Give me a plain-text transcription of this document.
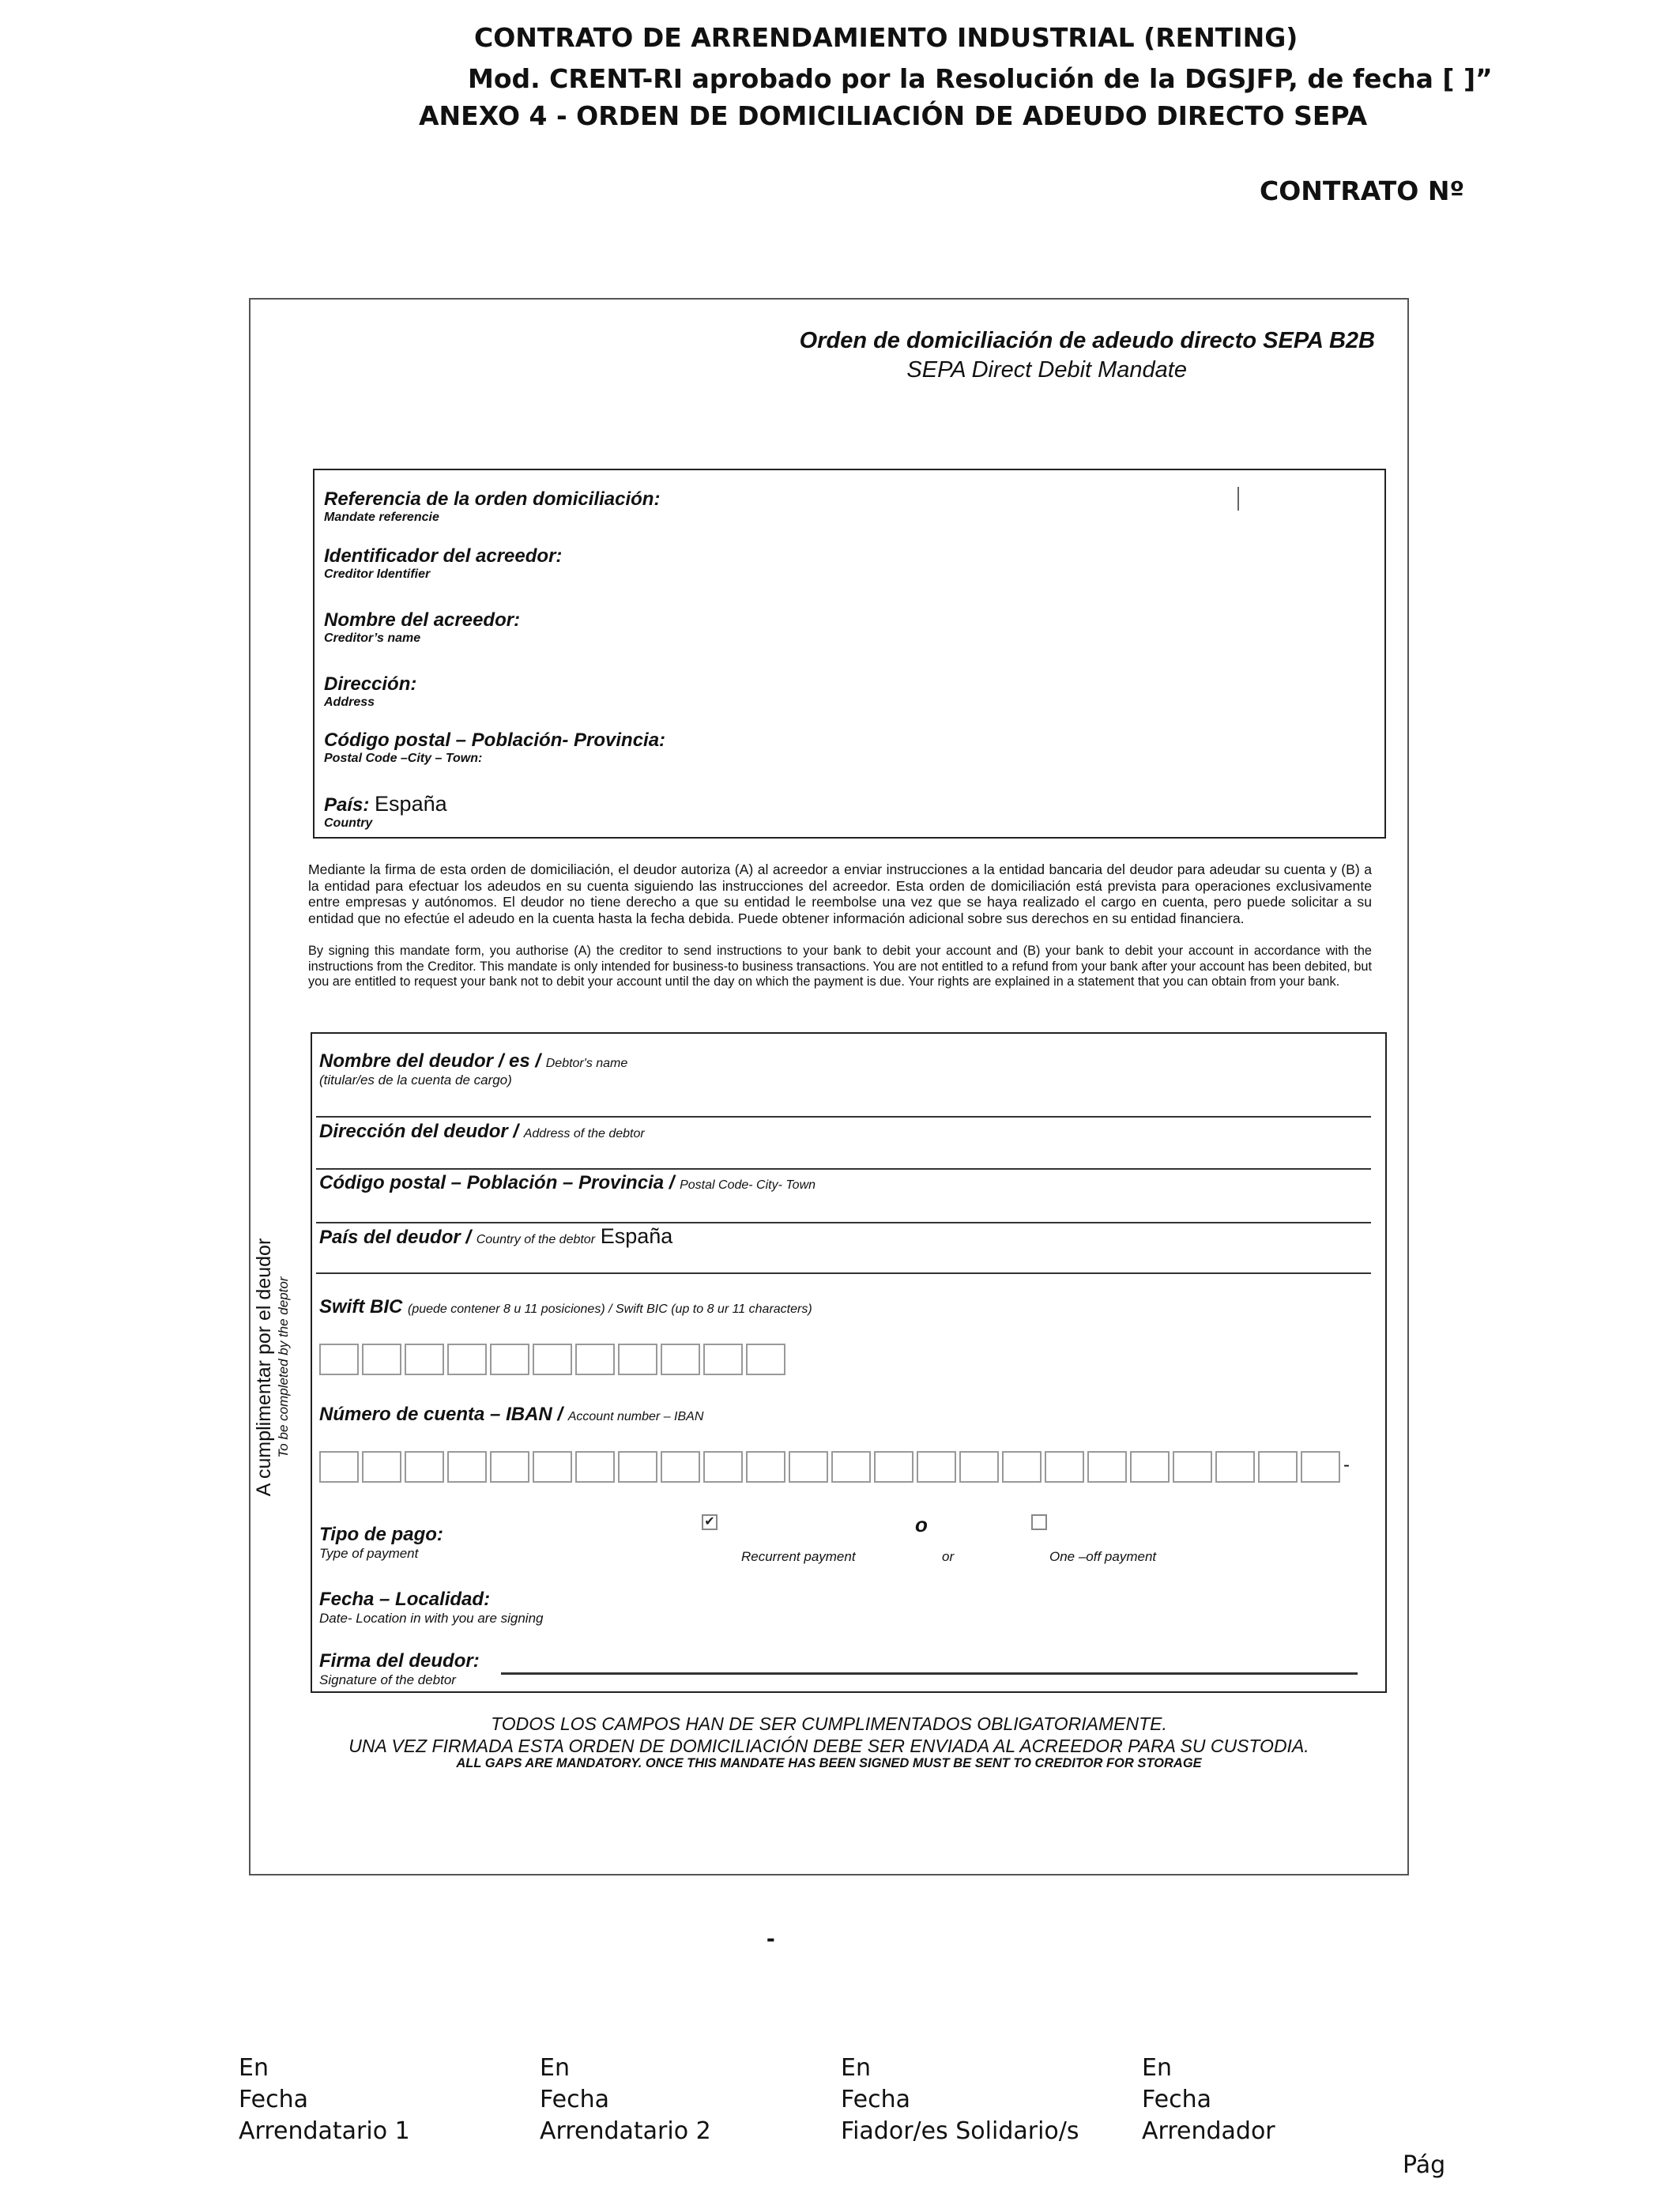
CONTRATO DE ARRENDAMIENTO INDUSTRIAL (RENTING)
Mod. CRENT-RI aprobado por la Resolución de la DGSJFP, de fecha [ ]”
ANEXO 4 - ORDEN DE DOMICILIACIÓN DE ADEUDO DIRECTO SEPA
CONTRATO Nº
Orden de domiciliación de adeudo directo SEPA B2B
SEPA Direct Debit Mandate
Referencia de la orden domiciliación:
Mandate referencie
Identificador del acreedor:
Creditor Identifier
Nombre del acreedor:
Creditor’s name
Dirección:
Address
Código postal – Población- Provincia:
Postal Code –City – Town:
País: España
Country
Mediante la firma de esta orden de domiciliación, el deudor autoriza (A) al acreedor a enviar instrucciones a la entidad bancaria del deudor para adeudar su cuenta y (B) a la entidad para efectuar los adeudos en su cuenta siguiendo las instrucciones del acreedor. Esta orden de domiciliación está prevista para operaciones exclusivamente entre empresas y autónomos. El deudor no tiene derecho a que su entidad le reembolse una vez que se haya realizado el cargo en cuenta, pero puede solicitar a su entidad que no efectúe el adeudo en la cuenta hasta la fecha debida. Puede obtener información adicional sobre sus derechos en su entidad financiera.
By signing this mandate form, you authorise (A) the creditor to send instructions to your bank to debit your account and (B) your bank to debit your account in accordance with the instructions from the Creditor. This mandate is only intended for business-to business transactions. You are not entitled to a refund from your bank after your account has been debited, but you are entitled to request your bank not to debit your account until the day on which the payment is due. Your rights are explained in a statement that you can obtain from your bank.
A cumplimentar por el deudor To be completed by the deptor
Nombre del deudor / es / Debtor's name
(titular/es de la cuenta de cargo)
Dirección del deudor / Address of the debtor
Código postal – Población – Provincia / Postal Code- City- Town
País del deudor / Country of the debtor España
Swift BIC (puede contener 8 u 11 posiciones) / Swift BIC (up to 8 ur 11 characters)
Número de cuenta – IBAN / Account number – IBAN
-
Tipo de pago:
Type of payment
✔	o
Recurrent payment	or	One –off payment
Fecha – Localidad:
Date- Location in with you are signing
Firma del deudor:
Signature of the debtor
TODOS LOS CAMPOS HAN DE SER CUMPLIMENTADOS OBLIGATORIAMENTE.
UNA VEZ FIRMADA ESTA ORDEN DE DOMICILIACIÓN DEBE SER ENVIADA AL ACREEDOR PARA SU CUSTODIA.
ALL GAPS ARE MANDATORY. ONCE THIS MANDATE HAS BEEN SIGNED MUST BE SENT TO CREDITOR FOR STORAGE
-
En
Fecha
Arrendatario 1
En
Fecha
Arrendatario 2
En
Fecha
Fiador/es Solidario/s
En
Fecha
Arrendador
Pág
